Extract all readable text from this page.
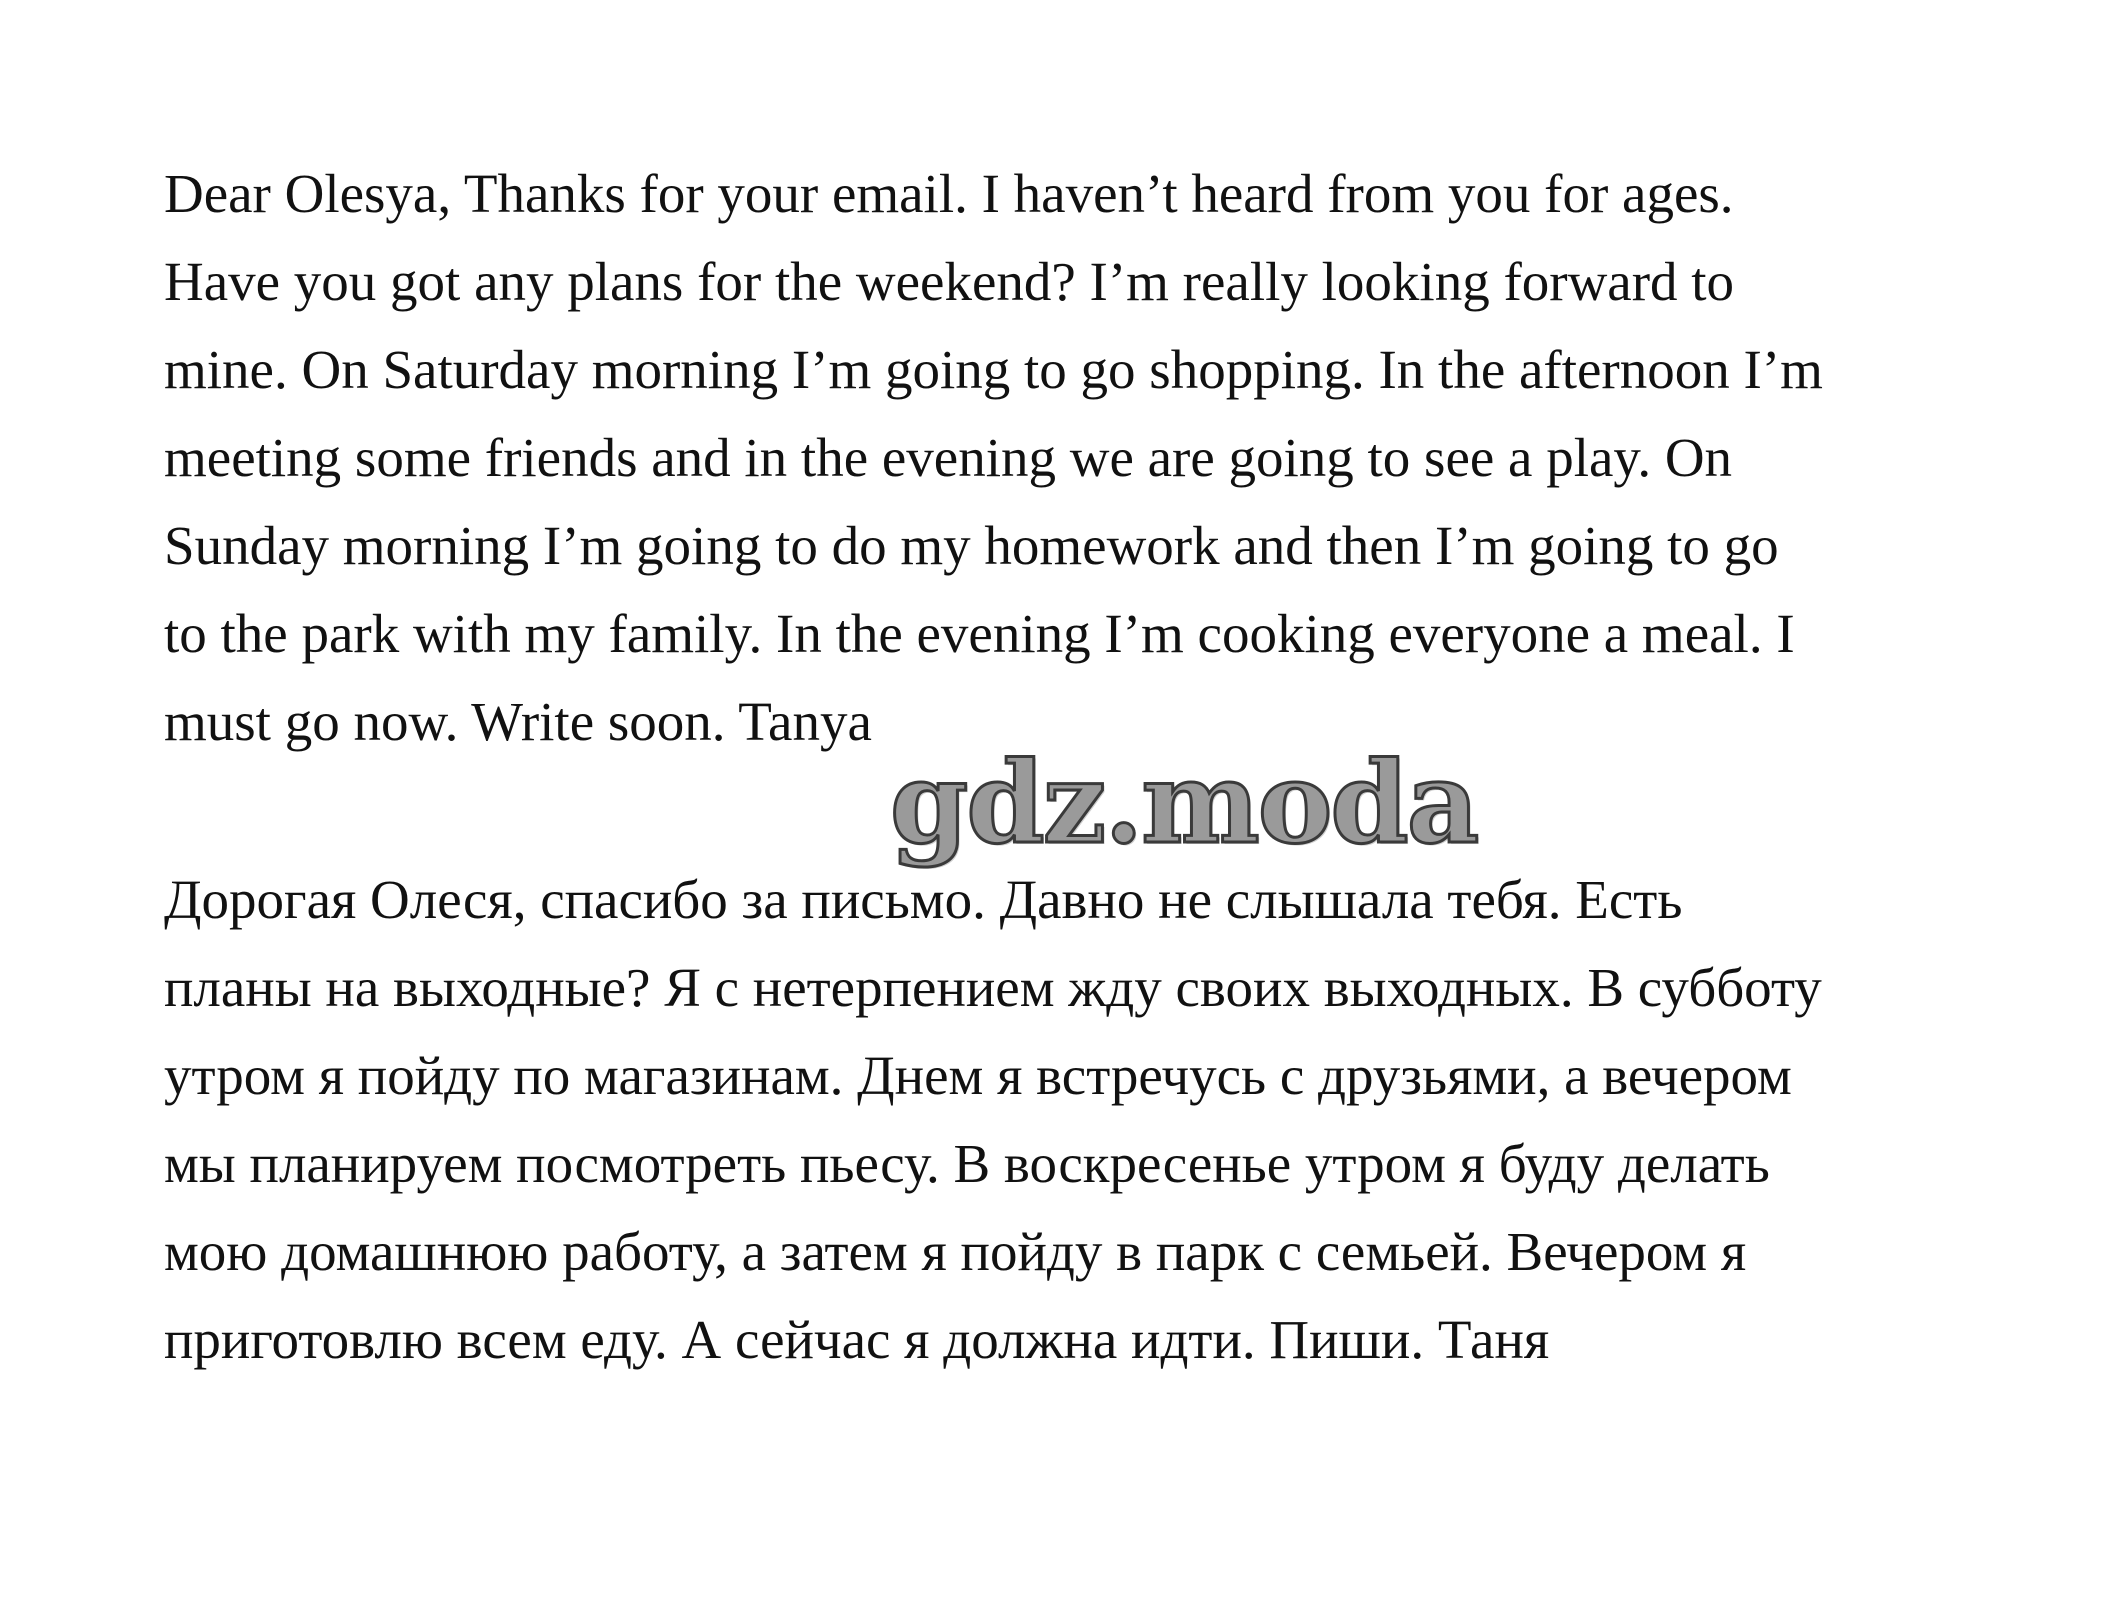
Dear Olesya, Thanks for your email. I haven’t heard from you for ages.
Have you got any plans for the weekend? I’m really looking forward to
mine. On Saturday morning I’m going to go shopping. In the afternoon I’m
meeting some friends and in the evening we are going to see a play. On
Sunday morning I’m going to do my homework and then I’m going to go
to the park with my family. In the evening I’m cooking everyone a meal. I
must go now. Write soon. Tanya
gdz.moda
Дорогая Олеся, спасибо за письмо. Давно не слышала тебя. Есть
планы на выходные? Я с нетерпением жду своих выходных. В субботу
утром я пойду по магазинам. Днем я встречусь с друзьями, а вечером
мы планируем посмотреть пьесу. В воскресенье утром я буду делать
мою домашнюю работу, а затем я пойду в парк с семьей. Вечером я
приготовлю всем еду. А сейчас я должна идти. Пиши. Таня
